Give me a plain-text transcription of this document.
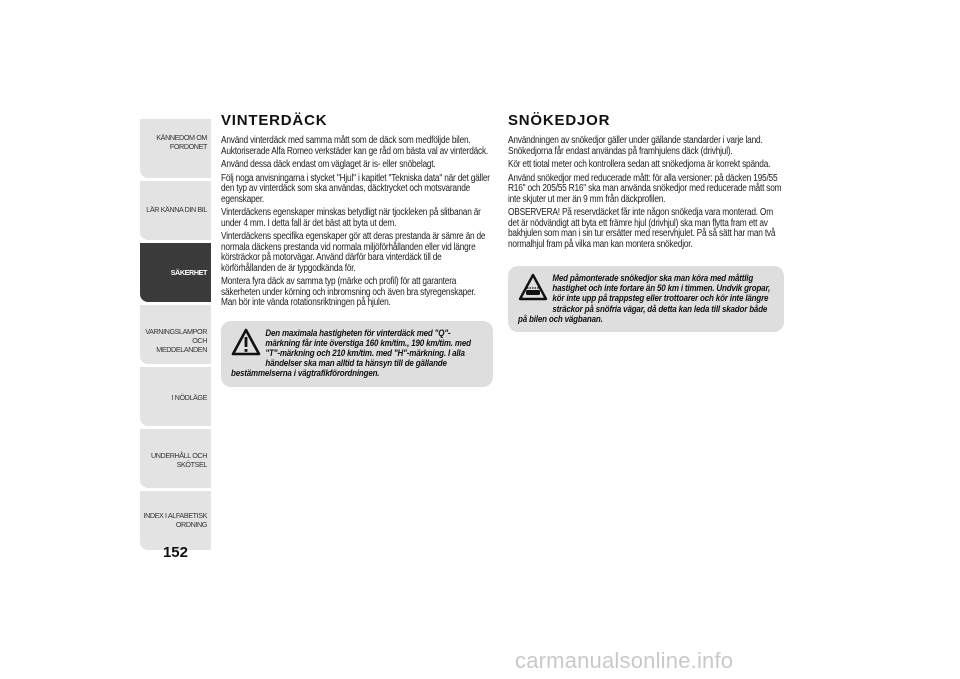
KÄNNEDOM OM
FORDONET
LÄR KÄNNA DIN BIL
SÄKERHET
VARNINGSLAMPOR
OCH MEDDELANDEN
I NÖDLÄGE
UNDERHÅLL OCH
SKÖTSEL
INDEX I ALFABETISK
ORDNING
152
VINTERDÄCK

Använd vinterdäck med samma mått som de däck som medföljde bilen. Auktoriserade Alfa Romeo verkstäder kan ge råd om bästa val av vinterdäck.

Använd dessa däck endast om väglaget är is- eller snöbelagt.

Följ noga anvisningarna i stycket "Hjul" i kapitlet "Tekniska data" när det gäller den typ av vinterdäck som ska användas, däcktrycket och motsvarande egenskaper.

Vinterdäckens egenskaper minskas betydligt när tjockleken på slitbanan är under 4 mm. I detta fall är det bäst att byta ut dem.

Vinterdäckens specifika egenskaper gör att deras prestanda är sämre än de normala däckens prestanda vid normala miljöförhållanden eller vid längre körsträckor på motorvägar. Använd därför bara vinterdäck till de körförhållanden de är typgodkända för.

Montera fyra däck av samma typ (märke och profil) för att garantera säkerheten under körning och inbromsning och även bra styregenskaper. Man bör inte vända rotationsriktningen på hjulen.

Den maximala hastigheten för vinterdäck med "Q"-märkning får inte överstiga 160 km/tim., 190 km/tim. med "T"-märkning och 210 km/tim. med "H"-märkning. I alla händelser ska man alltid ta hänsyn till de gällande bestämmelserna i vägtrafikförordningen.
SNÖKEDJOR

Användningen av snökedjor gäller under gällande standarder i varje land. Snökedjorna får endast användas på framhjulens däck (drivhjul).

Kör ett tiotal meter och kontrollera sedan att snökedjorna är korrekt spända.

Använd snökedjor med reducerade mått: för alla versioner: på däcken 195/55 R16" och 205/55 R16" ska man använda snökedjor med reducerade mått som inte skjuter ut mer än 9 mm från däckprofilen.

OBSERVERA! På reservdäcket får inte någon snökedja vara monterad. Om det är nödvändigt att byta ett främre hjul (drivhjul) ska man flytta fram ett av bakhjulen som man i sin tur ersätter med reservhjulet. På så sätt har man två normalhjul fram på vilka man kan montera snökedjor.

Med påmonterade snökedjor ska man köra med måttlig hastighet och inte fortare än 50 km i timmen. Undvik gropar, kör inte upp på trappsteg eller trottoarer och kör inte längre sträckor på snöfria vägar, då detta kan leda till skador både på bilen och vägbanan.
carmanualsonline.info
